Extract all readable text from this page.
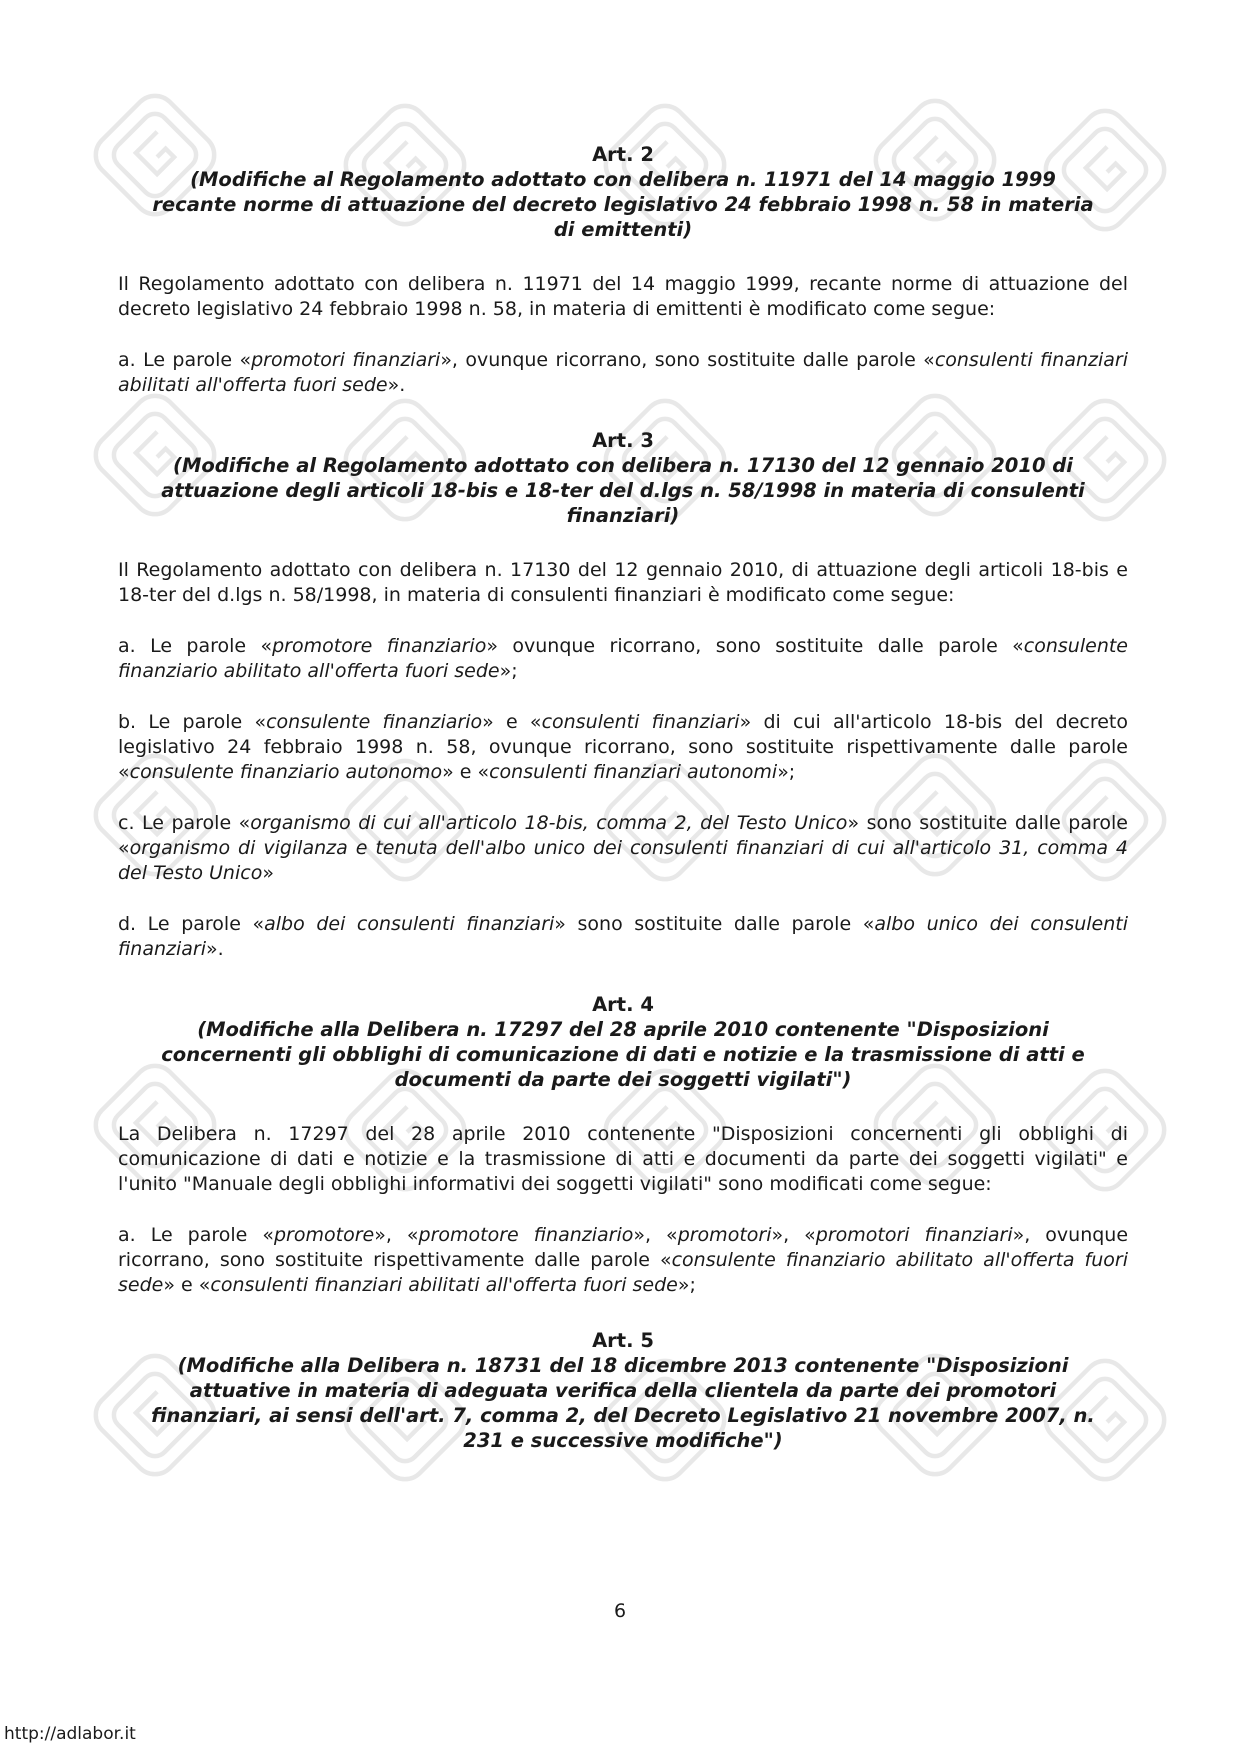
Art. 2
(Modifiche al Regolamento adottato con delibera n. 11971 del 14 maggio 1999
recante norme di attuazione del decreto legislativo 24 febbraio 1998 n. 58 in materia
di emittenti)

Il Regolamento adottato con delibera n. 11971 del 14 maggio 1999, recante norme di attuazione del decreto legislativo 24 febbraio 1998 n. 58, in materia di emittenti è modificato come segue:

a. Le parole «promotori finanziari», ovunque ricorrano, sono sostituite dalle parole «consulenti finanziari abilitati all'offerta fuori sede».

Art. 3
(Modifiche al Regolamento adottato con delibera n. 17130 del 12 gennaio 2010 di
attuazione degli articoli 18-bis e 18-ter del d.lgs n. 58/1998 in materia di consulenti
finanziari)

Il Regolamento adottato con delibera n. 17130 del 12 gennaio 2010, di attuazione degli articoli 18-bis e 18-ter del d.lgs n. 58/1998, in materia di consulenti finanziari è modificato come segue:

a. Le parole «promotore finanziario» ovunque ricorrano, sono sostituite dalle parole «consulente finanziario abilitato all'offerta fuori sede»;

b. Le parole «consulente finanziario» e «consulenti finanziari» di cui all'articolo 18-bis del decreto legislativo 24 febbraio 1998 n. 58, ovunque ricorrano, sono sostituite rispettivamente dalle parole «consulente finanziario autonomo» e «consulenti finanziari autonomi»;

c. Le parole «organismo di cui all'articolo 18-bis, comma 2, del Testo Unico» sono sostituite dalle parole «organismo di vigilanza e tenuta dell'albo unico dei consulenti finanziari di cui all'articolo 31, comma 4 del Testo Unico»

d. Le parole «albo dei consulenti finanziari» sono sostituite dalle parole «albo unico dei consulenti finanziari».

Art. 4
(Modifiche alla Delibera n. 17297 del 28 aprile 2010 contenente "Disposizioni
concernenti gli obblighi di comunicazione di dati e notizie e la trasmissione di atti e
documenti da parte dei soggetti vigilati")

La Delibera n. 17297 del 28 aprile 2010 contenente "Disposizioni concernenti gli obblighi di comunicazione di dati e notizie e la trasmissione di atti e documenti da parte dei soggetti vigilati" e l'unito "Manuale degli obblighi informativi dei soggetti vigilati" sono modificati come segue:

a. Le parole «promotore», «promotore finanziario», «promotori», «promotori finanziari», ovunque ricorrano, sono sostituite rispettivamente dalle parole «consulente finanziario abilitato all'offerta fuori sede» e «consulenti finanziari abilitati all'offerta fuori sede»;

Art. 5
(Modifiche alla Delibera n. 18731 del 18 dicembre 2013 contenente "Disposizioni
attuative in materia di adeguata verifica della clientela da parte dei promotori
finanziari, ai sensi dell'art. 7, comma 2, del Decreto Legislativo 21 novembre 2007, n.
231 e successive modifiche")
6
http://adlabor.it
